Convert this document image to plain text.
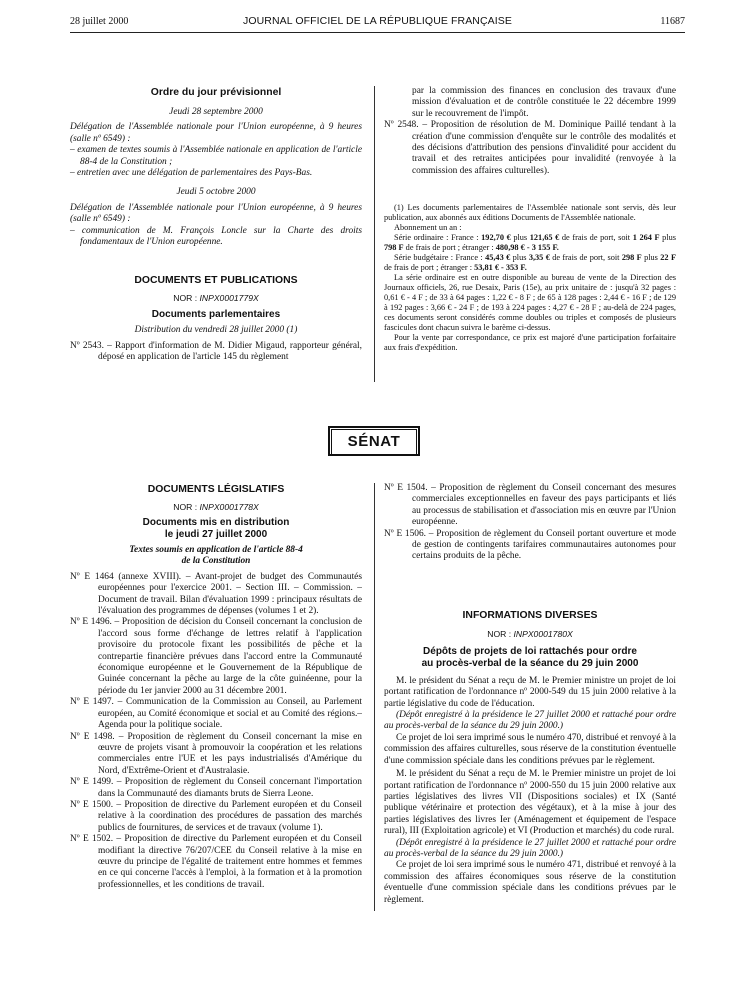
28 juillet 2000	JOURNAL OFFICIEL DE LA RÉPUBLIQUE FRANÇAISE	11687
Ordre du jour prévisionnel
Jeudi 28 septembre 2000
Délégation de l'Assemblée nationale pour l'Union européenne, à 9 heures (salle nº 6549) :
– examen de textes soumis à l'Assemblée nationale en application de l'article 88-4 de la Constitution ;
– entretien avec une délégation de parlementaires des Pays-Bas.
Jeudi 5 octobre 2000
Délégation de l'Assemblée nationale pour l'Union européenne, à 9 heures (salle nº 6549) :
– communication de M. François Loncle sur la Charte des droits fondamentaux de l'Union européenne.
DOCUMENTS ET PUBLICATIONS
NOR : INPX0001779X
Documents parlementaires
Distribution du vendredi 28 juillet 2000 (1)
Nº 2543. – Rapport d'information de M. Didier Migaud, rapporteur général, déposé en application de l'article 145 du règlement
par la commission des finances en conclusion des travaux d'une mission d'évaluation et de contrôle constituée le 22 décembre 1999 sur le recouvrement de l'impôt.
Nº 2548. – Proposition de résolution de M. Dominique Paillé tendant à la création d'une commission d'enquête sur le contrôle des modalités et des décisions d'attribution des pensions d'invalidité pour accident du travail et des retraites anticipées pour invalidité (renvoyée à la commission des affaires culturelles).

(1) Les documents parlementaires de l'Assemblée nationale sont servis, dès leur publication, aux abonnés aux éditions Documents de l'Assemblée nationale.

Abonnement un an :

Série ordinaire : France : 192,70 € plus 121,65 € de frais de port, soit 1 264 F plus 798 F de frais de port ; étranger : 480,98 € - 3 155 F.

Série budgétaire : France : 45,43 € plus 3,35 € de frais de port, soit 298 F plus 22 F de frais de port ; étranger : 53,81 € - 353 F.

La série ordinaire est en outre disponible au bureau de vente de la Direction des Journaux officiels, 26, rue Desaix, Paris (15e), au prix unitaire de : jusqu'à 32 pages : 0,61 € - 4 F ; de 33 à 64 pages : 1,22 € - 8 F ; de 65 à 128 pages : 2,44 € - 16 F ; de 129 à 192 pages : 3,66 € - 24 F ; de 193 à 224 pages : 4,27 € - 28 F ; au-delà de 224 pages, ces documents seront considérés comme doubles ou triples et composés de plusieurs fascicules dont chacun suivra le barème ci-dessus.

Pour la vente par correspondance, ce prix est majoré d'une participation forfaitaire aux frais d'expédition.

SÉNAT
DOCUMENTS LÉGISLATIFS
NOR : INPX0001778X
Documents mis en distribution
le jeudi 27 juillet 2000
Textes soumis en application de l'article 88-4
de la Constitution
Nº E 1464 (annexe XVIII). – Avant-projet de budget des Communautés européennes pour l'exercice 2001. – Section III. – Commission. – Document de travail. Bilan d'évaluation 1999 : principaux résultats de l'évaluation des programmes de dépenses (volumes 1 et 2).
Nº E 1496. – Proposition de décision du Conseil concernant la conclusion de l'accord sous forme d'échange de lettres relatif à l'application provisoire du protocole fixant les possibilités de pêche et la contrepartie financière prévues dans l'accord entre la Communauté économique européenne et le Gouvernement de la République de Guinée concernant la pêche au large de la côte guinéenne, pour la période du 1er janvier 2000 au 31 décembre 2001.
Nº E 1497. – Communication de la Commission au Conseil, au Parlement européen, au Comité économique et social et au Comité des régions.– Agenda pour la politique sociale.
Nº E 1498. – Proposition de règlement du Conseil concernant la mise en œuvre de projets visant à promouvoir la coopération et les relations commerciales entre l'UE et les pays industrialisés d'Amérique du Nord, d'Extrême-Orient et d'Australasie.
Nº E 1499. – Proposition de règlement du Conseil concernant l'importation dans la Communauté des diamants bruts de Sierra Leone.
Nº E 1500. – Proposition de directive du Parlement européen et du Conseil relative à la coordination des procédures de passation des marchés publics de fournitures, de services et de travaux (volume 1).
Nº E 1502. – Proposition de directive du Parlement européen et du Conseil modifiant la directive 76/207/CEE du Conseil relative à la mise en œuvre du principe de l'égalité de traitement entre hommes et femmes en ce qui concerne l'accès à l'emploi, à la formation et à la promotion professionnelles, et les conditions de travail.
Nº E 1504. – Proposition de règlement du Conseil concernant des mesures commerciales exceptionnelles en faveur des pays participants et liés au processus de stabilisation et d'association mis en œuvre par l'Union européenne.
Nº E 1506. – Proposition de règlement du Conseil portant ouverture et mode de gestion de contingents tarifaires communautaires autonomes pour certains produits de la pêche.
INFORMATIONS DIVERSES
NOR : INPX0001780X
Dépôts de projets de loi rattachés pour ordre
au procès-verbal de la séance du 29 juin 2000
M. le président du Sénat a reçu de M. le Premier ministre un projet de loi portant ratification de l'ordonnance nº 2000-549 du 15 juin 2000 relative à la partie législative du code de l'éducation.
(Dépôt enregistré à la présidence le 27 juillet 2000 et rattaché pour ordre au procès-verbal de la séance du 29 juin 2000.)
Ce projet de loi sera imprimé sous le numéro 470, distribué et renvoyé à la commission des affaires culturelles, sous réserve de la constitution éventuelle d'une commission spéciale dans les conditions prévues par le règlement.
M. le président du Sénat a reçu de M. le Premier ministre un projet de loi portant ratification de l'ordonnance nº 2000-550 du 15 juin 2000 relative aux parties législatives des livres VII (Dispositions sociales) et IX (Santé publique vétérinaire et protection des végétaux), et à la mise à jour des parties législatives des livres Ier (Aménagement et équipement de l'espace rural), III (Exploitation agricole) et VI (Production et marchés) du code rural.
(Dépôt enregistré à la présidence le 27 juillet 2000 et rattaché pour ordre au procès-verbal de la séance du 29 juin 2000.)
Ce projet de loi sera imprimé sous le numéro 471, distribué et renvoyé à la commission des affaires économiques sous réserve de la constitution éventuelle d'une commission spéciale dans les conditions prévues par le règlement.
